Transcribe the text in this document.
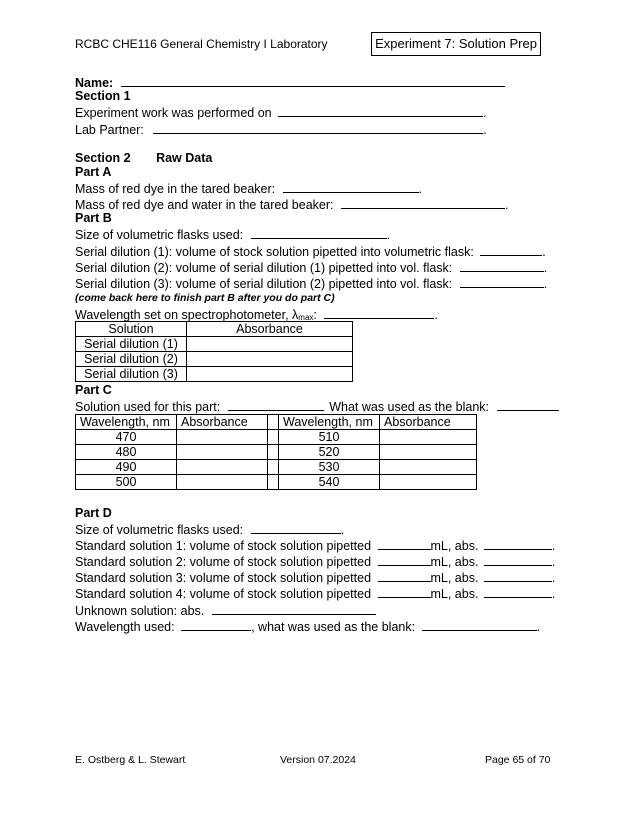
RCBC CHE116 General Chemistry I Laboratory	Experiment 7: Solution Prep
Name:
Section 1
Experiment work was performed on	.
Lab Partner:	.
Section 2 Raw Data
Part A
Mass of red dye in the tared beaker:	.
Mass of red dye and water in the tared beaker:	.
Part B
Size of volumetric flasks used:	.
Serial dilution (1): volume of stock solution pipetted into volumetric flask:	.
Serial dilution (2): volume of serial dilution (1) pipetted into vol. flask:	.
Serial dilution (3): volume of serial dilution (2) pipetted into vol. flask:	.
(come back here to finish part B after you do part C)
Wavelength set on spectrophotometer, $\lambda_{max}$:	.
Solution	Absorbance
Serial dilution (1)	
Serial dilution (2)	
Serial dilution (3)	
Part C
Solution used for this part:	What was used as the blank:
Wavelength, nm	Absorbance		Wavelength, nm	Absorbance
470			510	
480			520	
490			530	
500			540	
Part D
Size of volumetric flasks used:	.
Standard solution 1: volume of stock solution pipetted	mL, abs.	.
Standard solution 2: volume of stock solution pipetted	mL, abs.	.
Standard solution 3: volume of stock solution pipetted	mL, abs.	.
Standard solution 4: volume of stock solution pipetted	mL, abs.	.
Unknown solution: abs.
Wavelength used:	, what was used as the blank:	.
E. Ostberg & L. Stewart	Version 07.2024	Page 65 of 70
